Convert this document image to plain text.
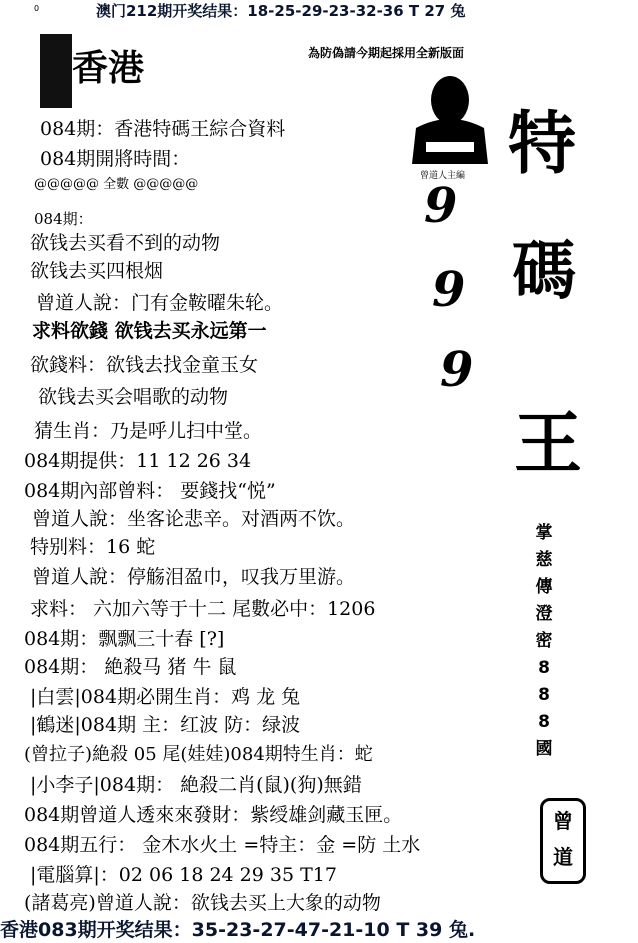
澳门212期开奖结果：18-25-29-23-32-36 T 27 兔
0
香港	為防偽請今期起採用全新版面
曾道人主編
9
9
9
特
碼
王
掌
慈
傳
澄
密
8
8
8
國
曾道
084期：香港特碼王綜合資料
084期開將時間：
@@@@@ 全數 @@@@@
084期：
欲钱去买看不到的动物
欲钱去买四根烟
曾道人說：门有金鞍曜朱轮。
求料欲錢 欲钱去买永远第一
欲錢料：欲钱去找金童玉女
欲钱去买会唱歌的动物
猜生肖：乃是呼儿扫中堂。
084期提供：11 12 26 34
084期內部曾料： 要錢找“悦”
曾道人說：坐客论悲辛。对酒两不饮。
特别料：16 蛇
曾道人說：停觞泪盈巾，叹我万里游。
求料： 六加六等于十二 尾數必中：1206
084期：飘飘三十春 [?]
084期： 絶殺马 猪 牛 鼠
|白雲|084期必開生肖：鸡 龙 兔
|鶴迷|084期 主：红波 防：绿波
(曾拉子)絶殺 05 尾(娃娃)084期特生肖：蛇
|小李子|084期： 絶殺二肖(鼠)(狗)無錯
084期曾道人透來來發財：紫绶雄剑藏玉匣。
084期五行： 金木水火土 =特主：金 =防 土水
|電腦算|：02 06 18 24 29 35 T17
(諸葛亮)曾道人說：欲钱去买上大象的动物
香港083期开奖结果：35-23-27-47-21-10 T 39 兔.
